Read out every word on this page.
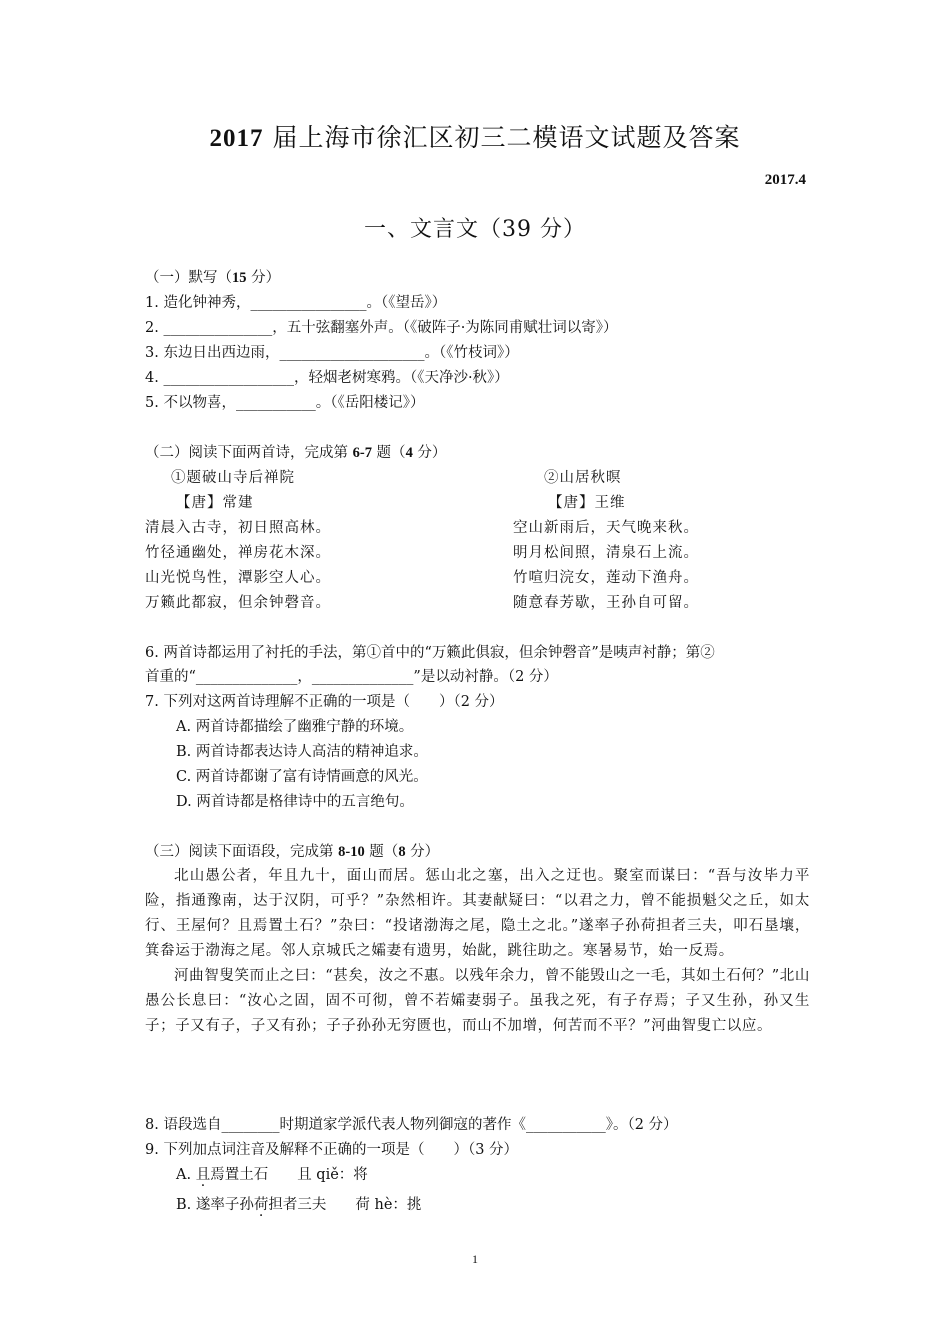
2017 届上海市徐汇区初三二模语文试题及答案
2017.4
一、文言文（39 分）
（一）默写（15 分）
1. 造化钟神秀，________________。（《望岳》）
2. _______________，五十弦翻塞外声。（《破阵子·为陈同甫赋壮词以寄》）
3. 东边日出西边雨，____________________。（《竹枝词》）
4. __________________，轻烟老树寒鸦。（《天净沙·秋》）
5. 不以物喜，___________。（《岳阳楼记》）
（二）阅读下面两首诗，完成第 6-7 题（4 分）
①题破山寺后禅院
【唐】常建
清晨入古寺，初日照高林。
竹径通幽处，禅房花木深。
山光悦鸟性，潭影空人心。
万籁此都寂，但余钟磬音。
②山居秋暝
【唐】王维
空山新雨后，天气晚来秋。
明月松间照，清泉石上流。
竹喧归浣女，莲动下渔舟。
随意春芳歇，王孙自可留。
6. 两首诗都运用了衬托的手法，第①首中的“万籁此俱寂，但余钟磬音”是咦声衬静；第②
首重的“______________，______________”是以动衬静。（2 分）
7. 下列对这两首诗理解不正确的一项是（　　）（2 分）
A. 两首诗都描绘了幽雅宁静的环境。
B. 两首诗都表达诗人高洁的精神追求。
C. 两首诗都谢了富有诗情画意的风光。
D. 两首诗都是格律诗中的五言绝句。
（三）阅读下面语段，完成第 8-10 题（8 分）

北山愚公者，年且九十，面山而居。惩山北之塞，出入之迂也。聚室而谋曰：“吾与汝毕力平险，指通豫南，达于汉阴，可乎？”杂然相许。其妻献疑曰：“以君之力，曾不能损魁父之丘，如太行、王屋何？且焉置土石？”杂曰：“投诸渤海之尾，隐土之北。”遂率子孙荷担者三夫，叩石垦壤，箕畚运于渤海之尾。邻人京城氏之孀妻有遗男，始龀，跳往助之。寒暑易节，始一反焉。

河曲智叟笑而止之曰：“甚矣，汝之不惠。以残年余力，曾不能毁山之一毛，其如土石何？”北山愚公长息曰：“汝心之固，固不可彻，曾不若孀妻弱子。虽我之死，有子存焉；子又生孙，孙又生子；子又有子，子又有孙；子子孙孙无穷匮也，而山不加增，何苦而不平？”河曲智叟亡以应。

8. 语段选自________时期道家学派代表人物列御寇的著作《___________》。（2 分）
9. 下列加点词注音及解释不正确的一项是（　　）（3 分）
A. 且焉置土石　　且 qiě：将
B. 遂率子孙荷担者三夫　　荷 hè：挑
1
